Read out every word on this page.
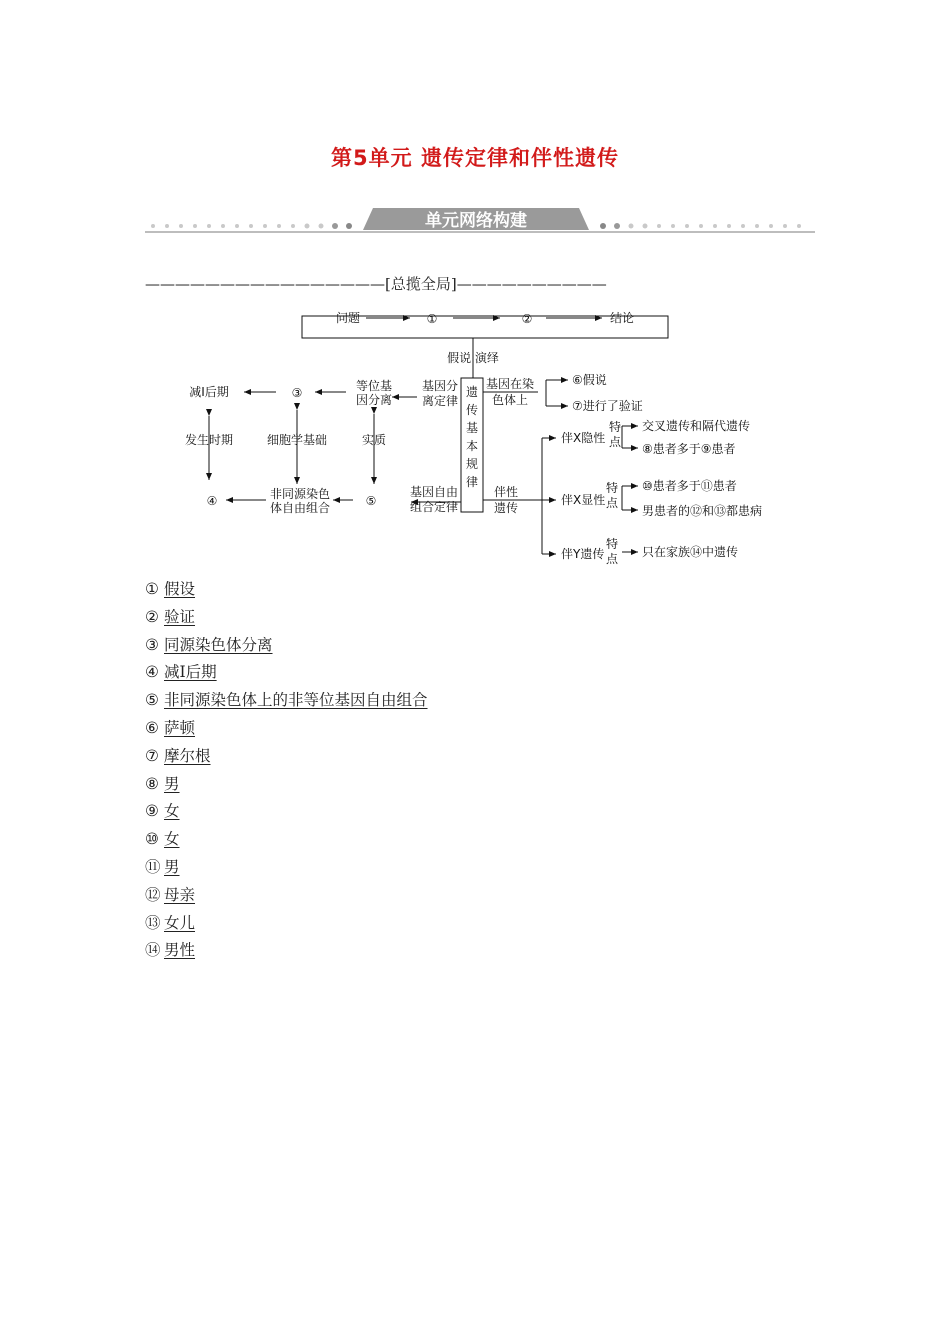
第5单元 遗传定律和伴性遗传
单元网络构建
————————————————[总揽全局]——————————
问题	①	②	结论
假说 演绎
遗
传
基
本
规
律
基因分
离定律
基因自由
组合定律
基因在染
色体上
伴性
遗传
⑥假说
⑦进行了验证
等位基
因分离
③
减Ⅰ后期
发生时期	细胞学基础	实质
④	⑤
非同源染色
体自由组合
伴X隐性
伴X显性
伴Y遗传
特
点
特
点
特
点
交叉遗传和隔代遗传
⑧患者多于⑨患者
⑩患者多于⑪患者
男患者的⑫和⑬都患病
只在家族⑭中遗传
① 假设
② 验证
③ 同源染色体分离
④ 减Ⅰ后期
⑤ 非同源染色体上的非等位基因自由组合
⑥ 萨顿
⑦ 摩尔根
⑧ 男
⑨ 女
⑩ 女
⑪ 男
⑫ 母亲
⑬ 女儿
⑭ 男性
